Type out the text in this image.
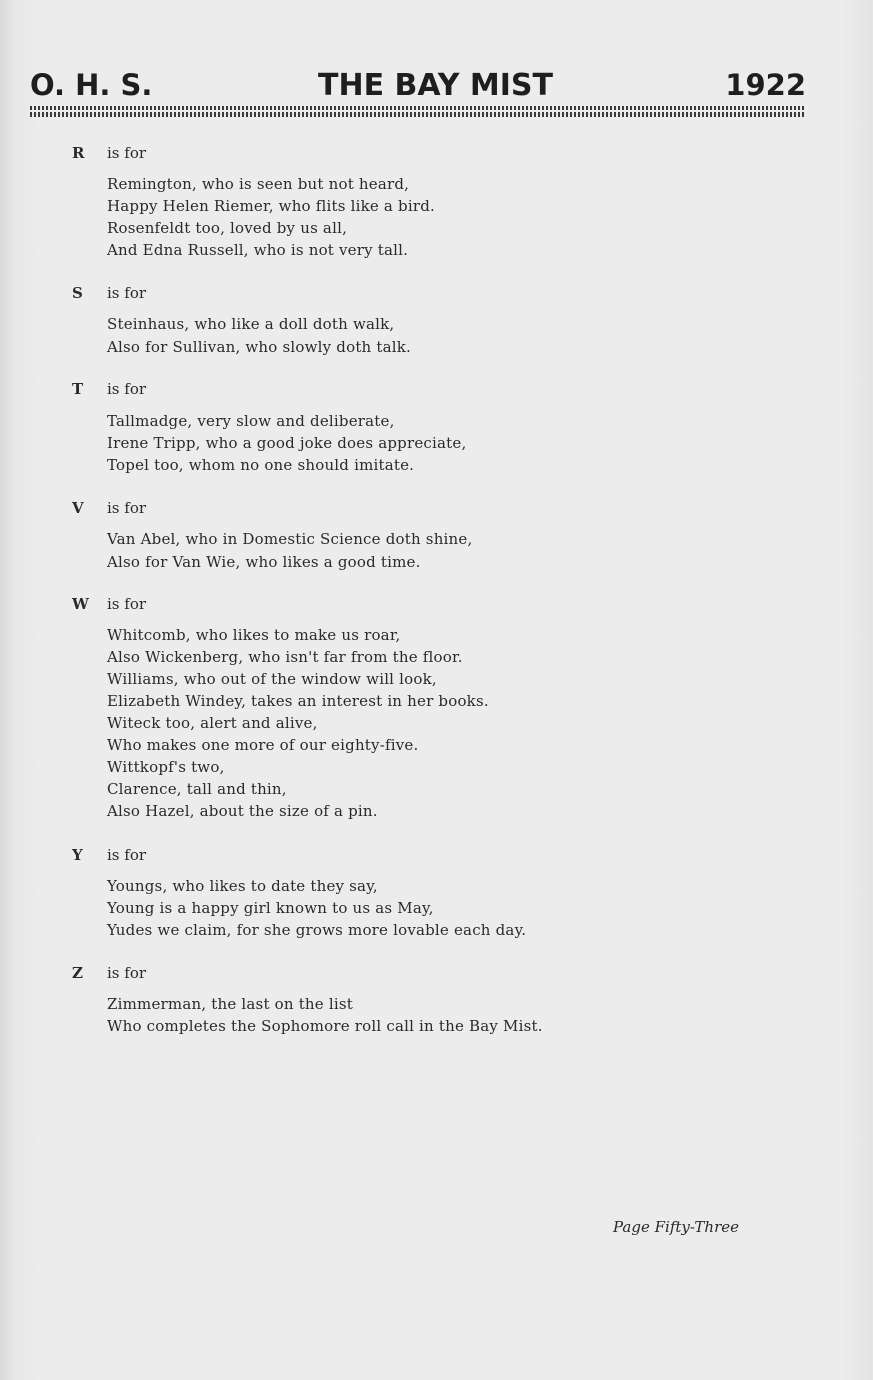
O. H. S.	THE BAY MIST	1922
R	is for
Remington, who is seen but not heard,
Happy Helen Riemer, who flits like a bird.
Rosenfeldt too, loved by us all,
And Edna Russell, who is not very tall.
S	is for
Steinhaus, who like a doll doth walk,
Also for Sullivan, who slowly doth talk.
T	is for
Tallmadge, very slow and deliberate,
Irene Tripp, who a good joke does appreciate,
Topel too, whom no one should imitate.
V	is for
Van Abel, who in Domestic Science doth shine,
Also for Van Wie, who likes a good time.
W is for
Whitcomb, who likes to make us roar,
Also Wickenberg, who isn't far from the floor.
Williams, who out of the window will look,
Elizabeth Windey, takes an interest in her books.
Witeck too, alert and alive,
Who makes one more of our eighty-five.
Wittkopf's two,
Clarence, tall and thin,
Also Hazel, about the size of a pin.
Y	is for
Youngs, who likes to date they say,
Young is a happy girl known to us as May,
Yudes we claim, for she grows more lovable each day.
Z	is for
Zimmerman, the last on the list
Who completes the Sophomore roll call in the Bay Mist.
Page Fifty-Three
